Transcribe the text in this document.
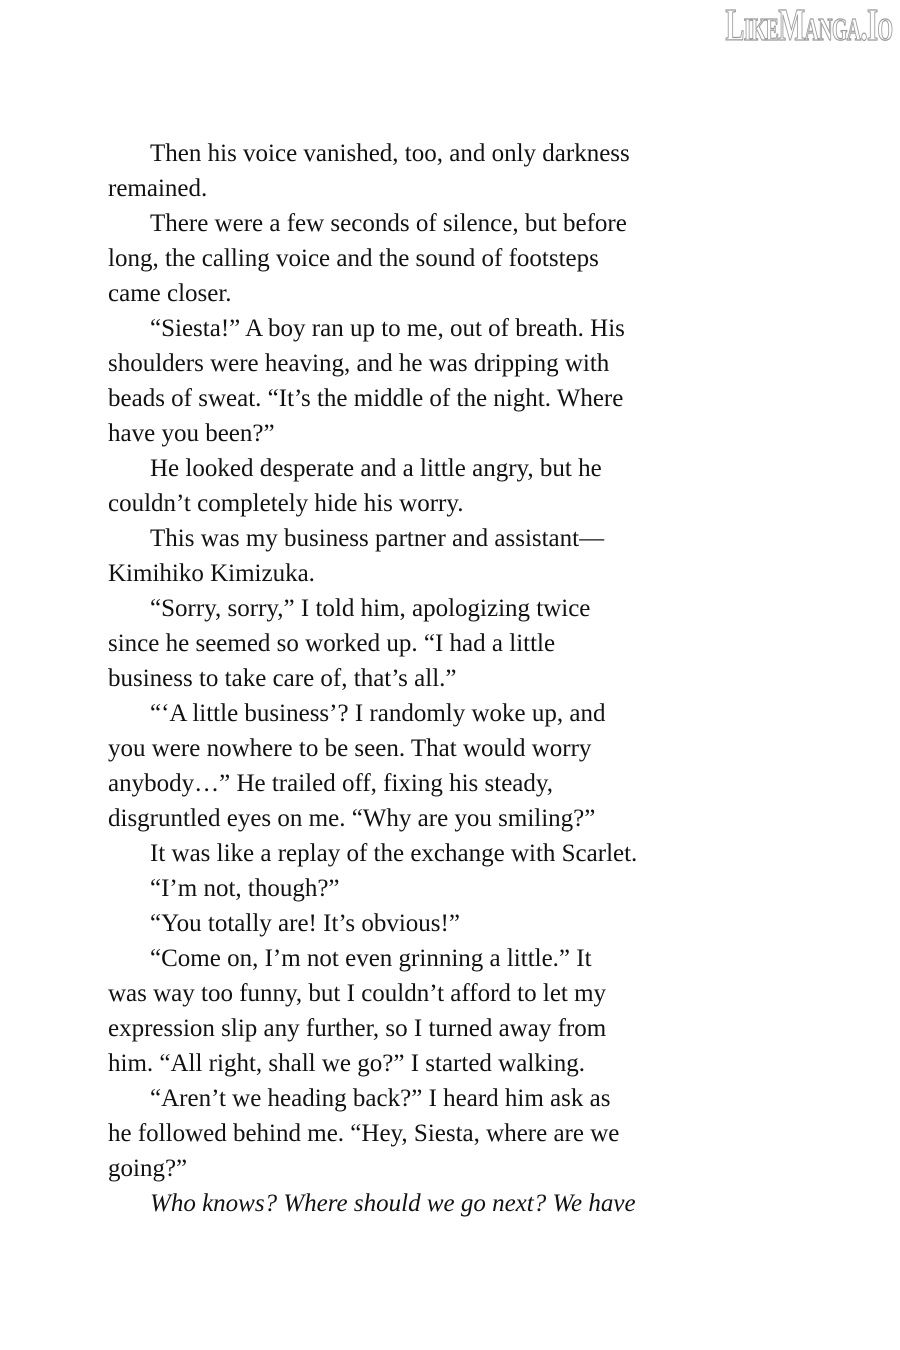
LikeManga.Io

Then his voice vanished, too, and only darkness
remained.

There were a few seconds of silence, but before
long, the calling voice and the sound of footsteps
came closer.

“Siesta!” A boy ran up to me, out of breath. His
shoulders were heaving, and he was dripping with
beads of sweat. “It’s the middle of the night. Where
have you been?”

He looked desperate and a little angry, but he
couldn’t completely hide his worry.

This was my business partner and assistant—
Kimihiko Kimizuka.

“Sorry, sorry,” I told him, apologizing twice
since he seemed so worked up. “I had a little
business to take care of, that’s all.”

“‘A little business’? I randomly woke up, and
you were nowhere to be seen. That would worry
anybody…” He trailed off, fixing his steady,
disgruntled eyes on me. “Why are you smiling?”

It was like a replay of the exchange with Scarlet.

“I’m not, though?”

“You totally are! It’s obvious!”

“Come on, I’m not even grinning a little.” It
was way too funny, but I couldn’t afford to let my
expression slip any further, so I turned away from
him. “All right, shall we go?” I started walking.

“Aren’t we heading back?” I heard him ask as
he followed behind me. “Hey, Siesta, where are we
going?”

Who knows? Where should we go next? We have
